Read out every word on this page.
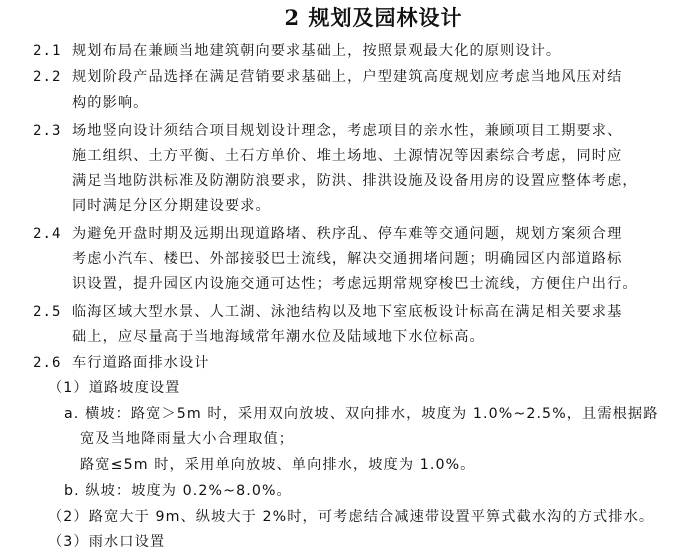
2 规划及园林设计
2.1 规划布局在兼顾当地建筑朝向要求基础上，按照景观最大化的原则设计。
2.2 规划阶段产品选择在满足营销要求基础上，户型建筑高度规划应考虑当地风压对结
构的影响。
2.3 场地竖向设计须结合项目规划设计理念，考虑项目的亲水性，兼顾项目工期要求、
施工组织、土方平衡、土石方单价、堆土场地、土源情况等因素综合考虑，同时应
满足当地防洪标准及防潮防浪要求，防洪、排洪设施及设备用房的设置应整体考虑，
同时满足分区分期建设要求。
2.4 为避免开盘时期及远期出现道路堵、秩序乱、停车难等交通问题，规划方案须合理
考虑小汽车、楼巴、外部接驳巴士流线，解决交通拥堵问题；明确园区内部道路标
识设置，提升园区内设施交通可达性；考虑远期常规穿梭巴士流线，方便住户出行。
2.5 临海区域大型水景、人工湖、泳池结构以及地下室底板设计标高在满足相关要求基
础上，应尽量高于当地海域常年潮水位及陆域地下水位标高。
2.6 车行道路面排水设计
（1）道路坡度设置
a. 横坡：路宽＞5m 时，采用双向放坡、双向排水，坡度为 1.0%~2.5%，且需根据路
宽及当地降雨量大小合理取值；
路宽≤5m 时，采用单向放坡、单向排水，坡度为 1.0%。
b. 纵坡：坡度为 0.2%~8.0%。
（2）路宽大于 9m、纵坡大于 2%时，可考虑结合减速带设置平箅式截水沟的方式排水。
（3）雨水口设置
